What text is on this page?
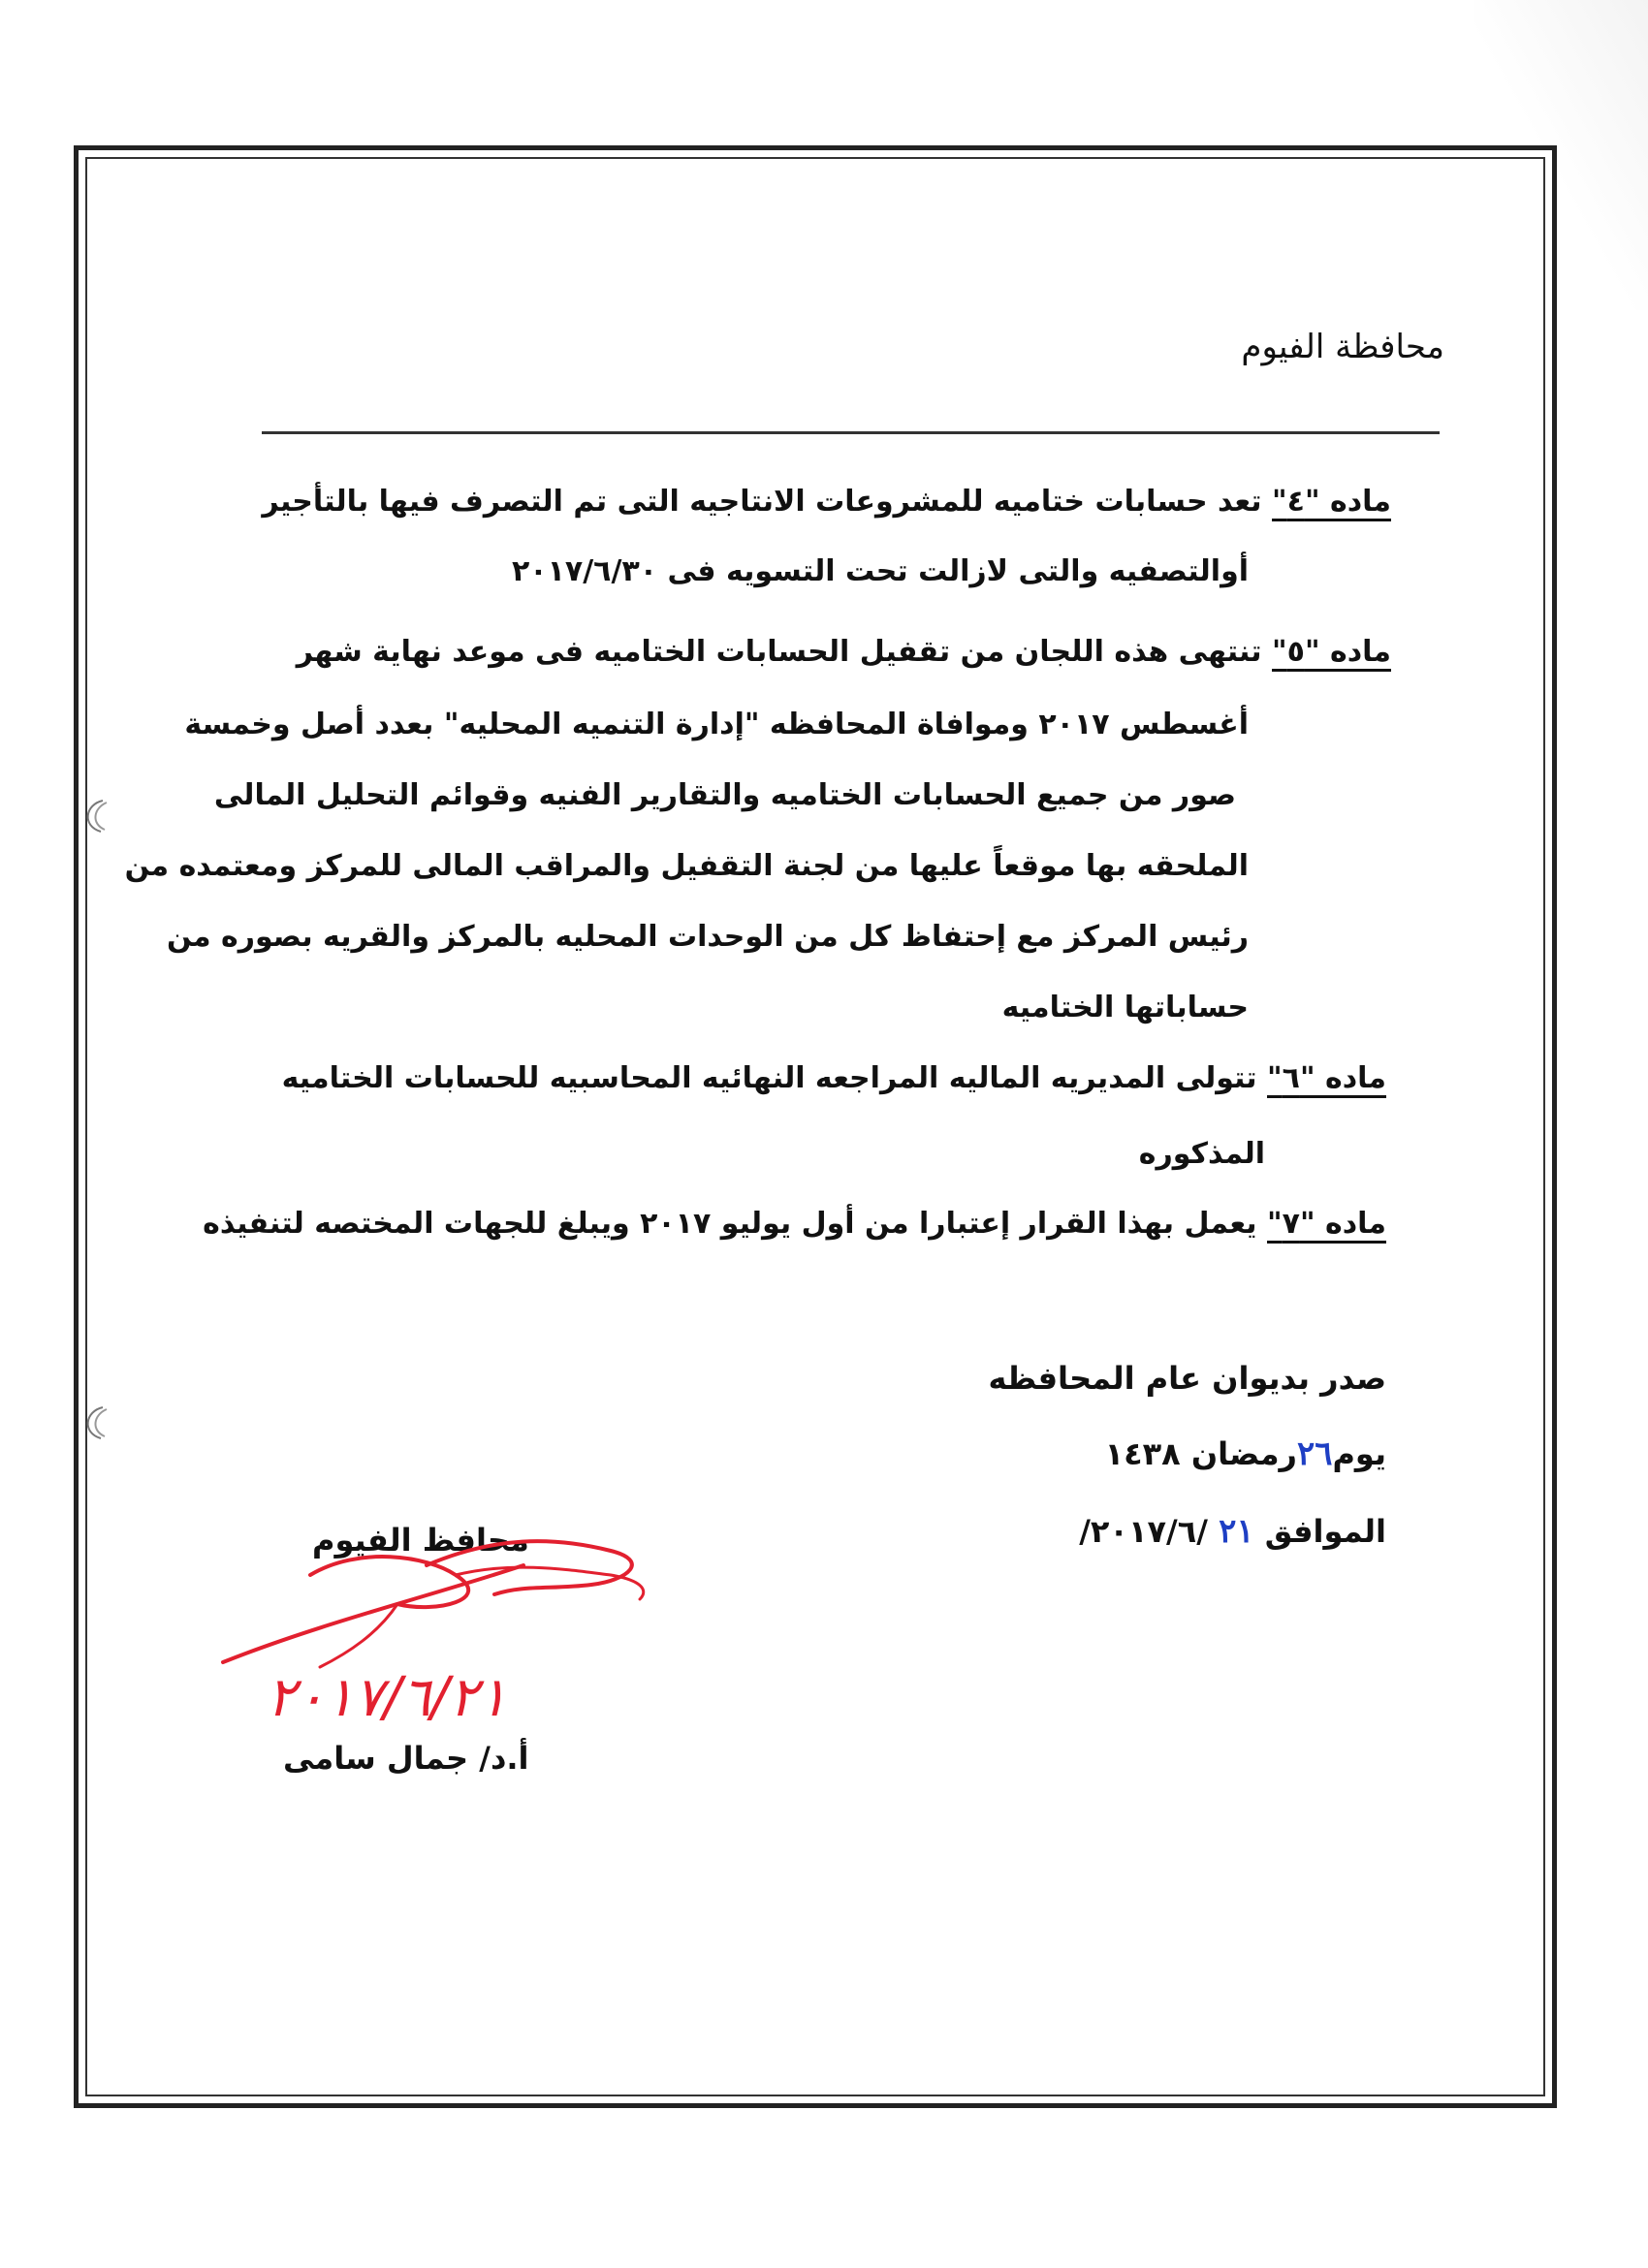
محافظة الفيوم
ماده "٤" تعد حسابات ختاميه للمشروعات الانتاجيه التى تم التصرف فيها بالتأجير
أوالتصفيه والتى لازالت تحت التسويه فى ٢٠١٧/٦/٣٠
ماده "٥" تنتهى هذه اللجان من تقفيل الحسابات الختاميه فى موعد نهاية شهر
أغسطس ٢٠١٧ وموافاة المحافظه "إدارة التنميه المحليه" بعدد أصل وخمسة
صور من جميع الحسابات الختاميه والتقارير الفنيه وقوائم التحليل المالى
الملحقه بها موقعاً عليها من لجنة التقفيل والمراقب المالى للمركز ومعتمده من
رئيس المركز مع إحتفاظ كل من الوحدات المحليه بالمركز والقريه بصوره من
حساباتها الختاميه
ماده "٦" تتولى المديريه الماليه المراجعه النهائيه المحاسبيه للحسابات الختاميه
المذكوره
ماده "٧" يعمل بهذا القرار إعتبارا من أول يوليو ٢٠١٧ ويبلغ للجهات المختصه لتنفيذه
صدر بديوان عام المحافظه
يوم٢٦رمضان ١٤٣٨
الموافق ٢١ /٢٠١٧/٦/
محافظ الفيوم
٢٠١٧/٦/٢١
أ.د/ جمال سامى
